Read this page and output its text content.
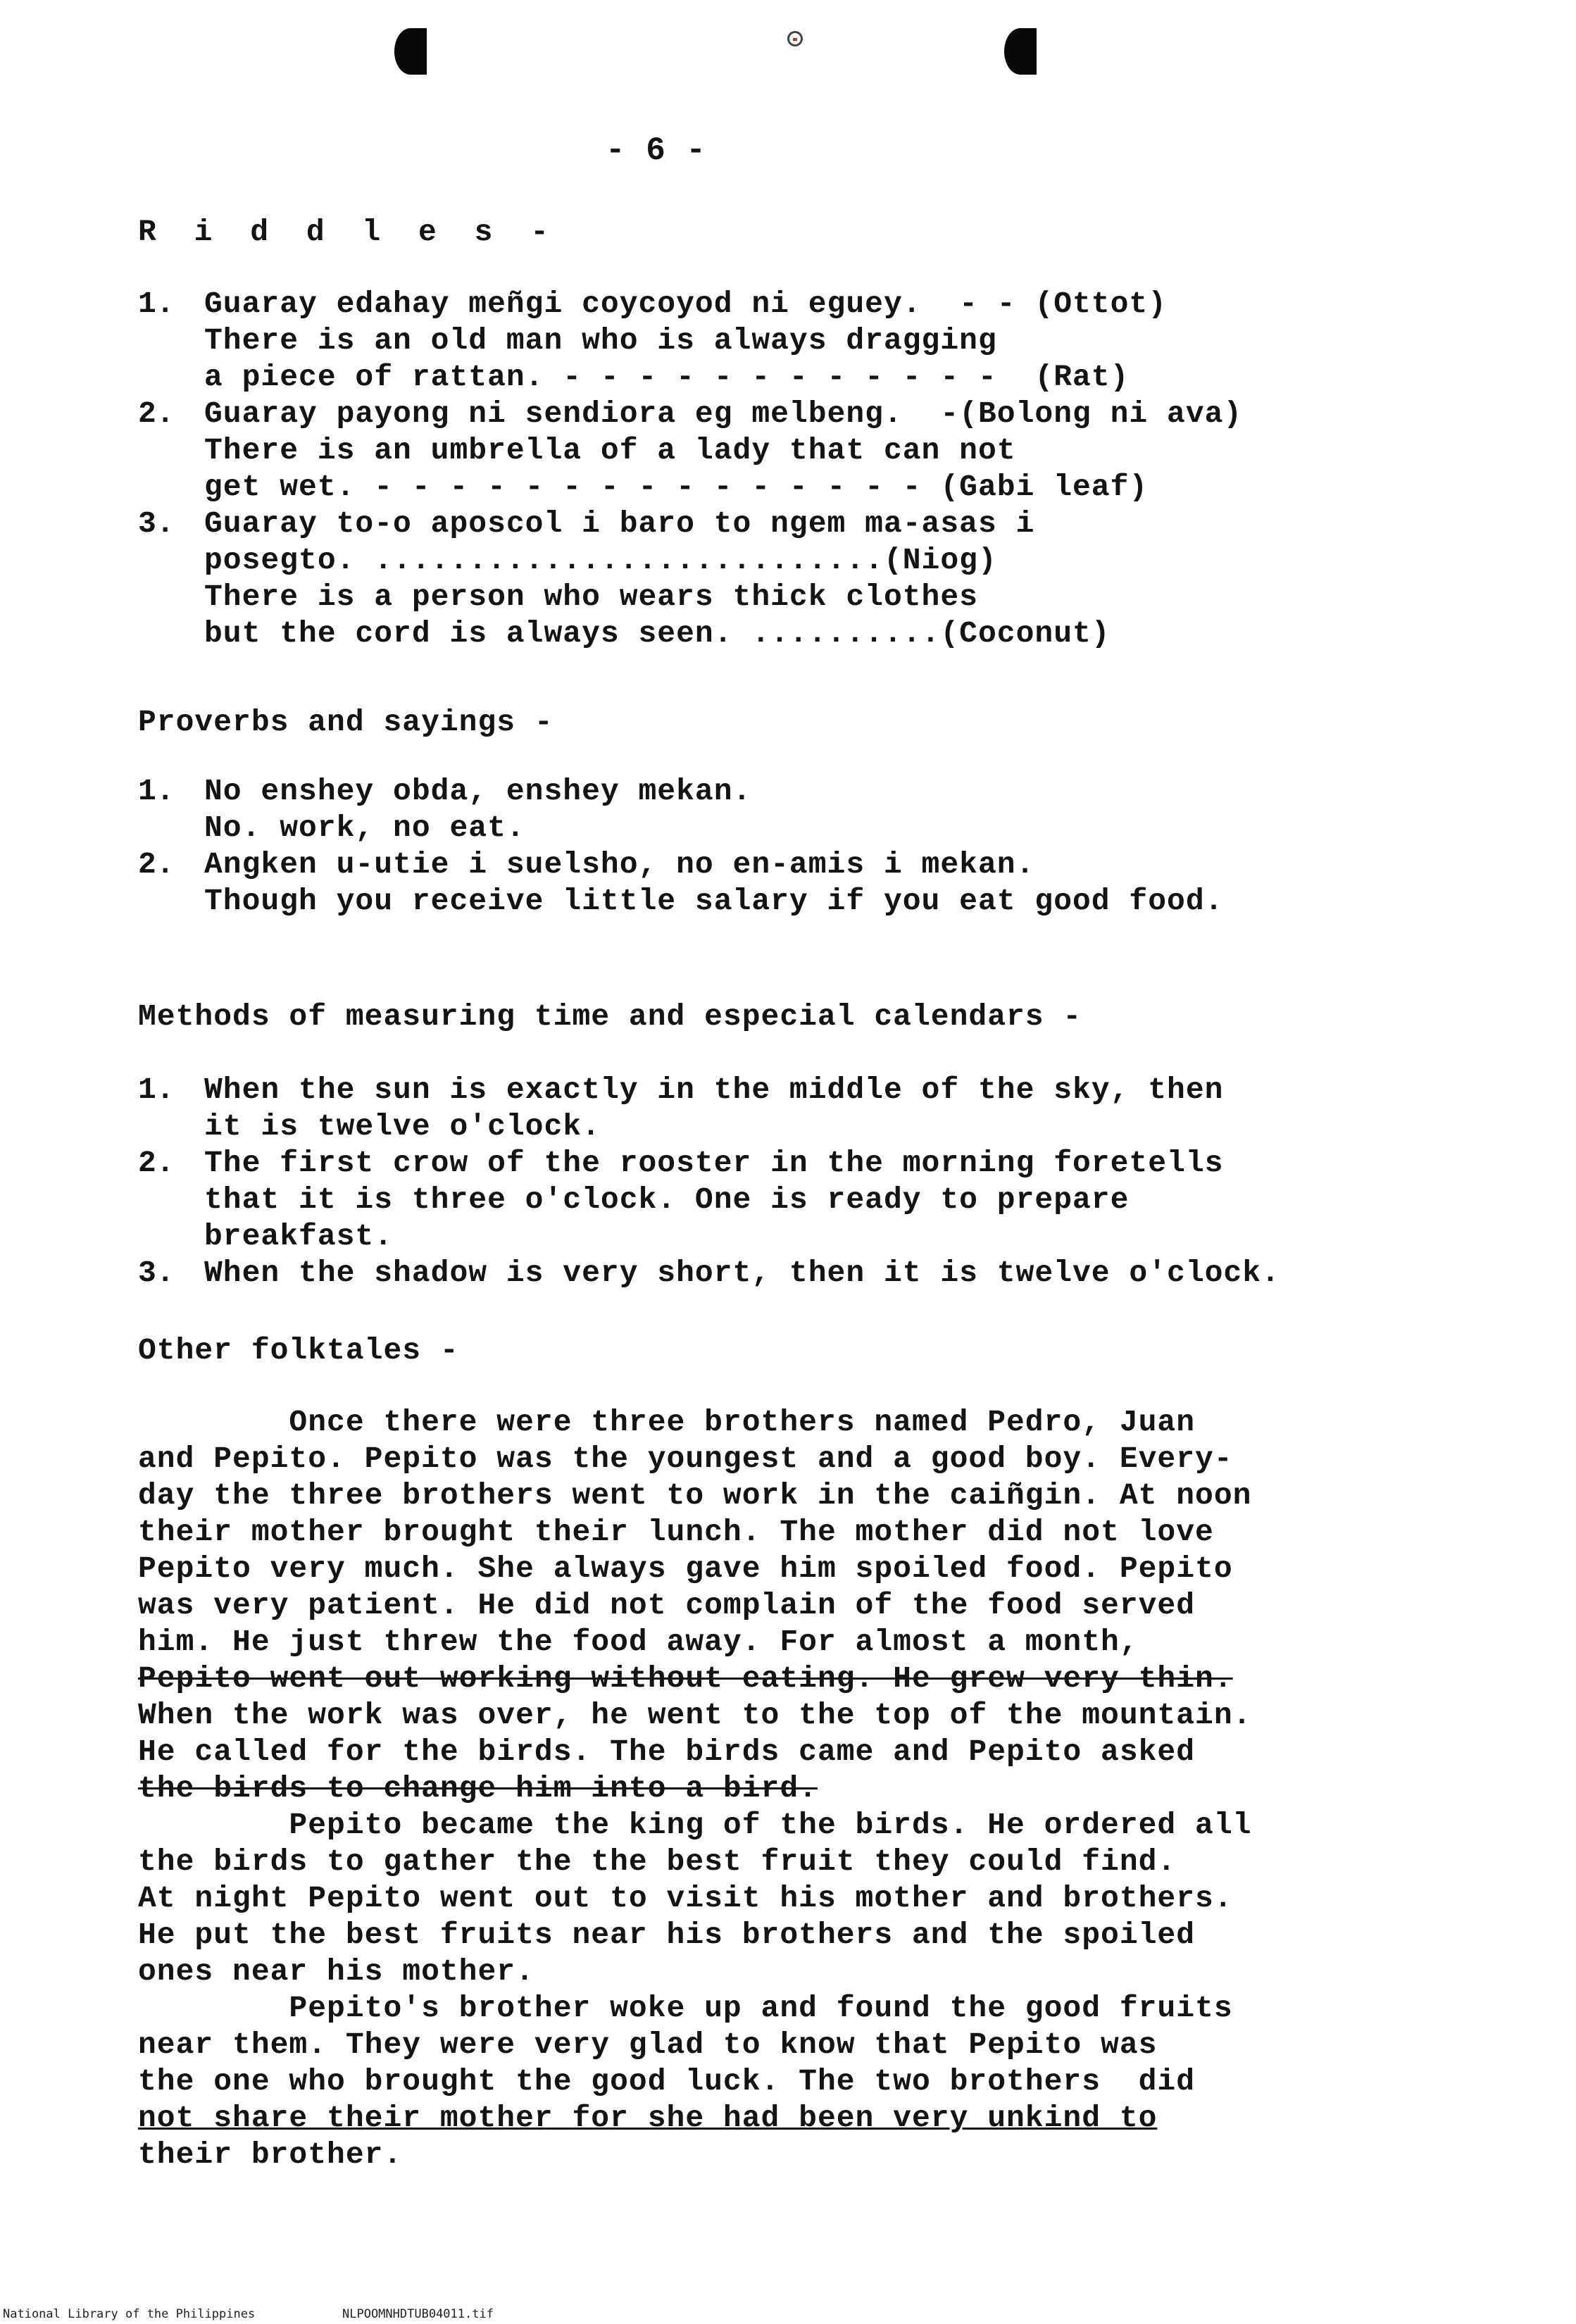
- 6 -
R i d d l e s -
1. Guaray edahay meñgi coycoyod ni eguey.  - - (Ottot)
There is an old man who is always dragging
a piece of rattan. - - - - - - - - - - - -  (Rat)
2. Guaray payong ni sendiora eg melbeng.  -(Bolong ni ava)
There is an umbrella of a lady that can not
get wet. - - - - - - - - - - - - - - - (Gabi leaf)
3. Guaray to-o aposcol i baro to ngem ma-asas i
posegto. ...........................(Niog)
There is a person who wears thick clothes
but the cord is always seen. ..........(Coconut)
Proverbs and sayings -
1. No enshey obda, enshey mekan.
No. work, no eat.
2. Angken u-utie i suelsho, no en-amis i mekan.
Though you receive little salary if you eat good food.
Methods of measuring time and especial calendars -
1. When the sun is exactly in the middle of the sky, then
it is twelve o'clock.
2. The first crow of the rooster in the morning foretells
that it is three o'clock. One is ready to prepare
breakfast.
3. When the shadow is very short, then it is twelve o'clock.
Other folktales -
Once there were three brothers named Pedro, Juan
and Pepito. Pepito was the youngest and a good boy. Every-
day the three brothers went to work in the caiñgin. At noon
their mother brought their lunch. The mother did not love
Pepito very much. She always gave him spoiled food. Pepito
was very patient. He did not complain of the food served
him. He just threw the food away. For almost a month,
Pepito went out working without eating. He grew very thin.
When the work was over, he went to the top of the mountain.
He called for the birds. The birds came and Pepito asked
the birds to change him into a bird.
Pepito became the king of the birds. He ordered all
the birds to gather the the best fruit they could find.
At night Pepito went out to visit his mother and brothers.
He put the best fruits near his brothers and the spoiled
ones near his mother.
Pepito's brother woke up and found the good fruits
near them. They were very glad to know that Pepito was
the one who brought the good luck. The two brothers  did
not share their mother for she had been very unkind to
their brother.
National Library of the Philippines	NLPOOMNHDTUB04011.tif
